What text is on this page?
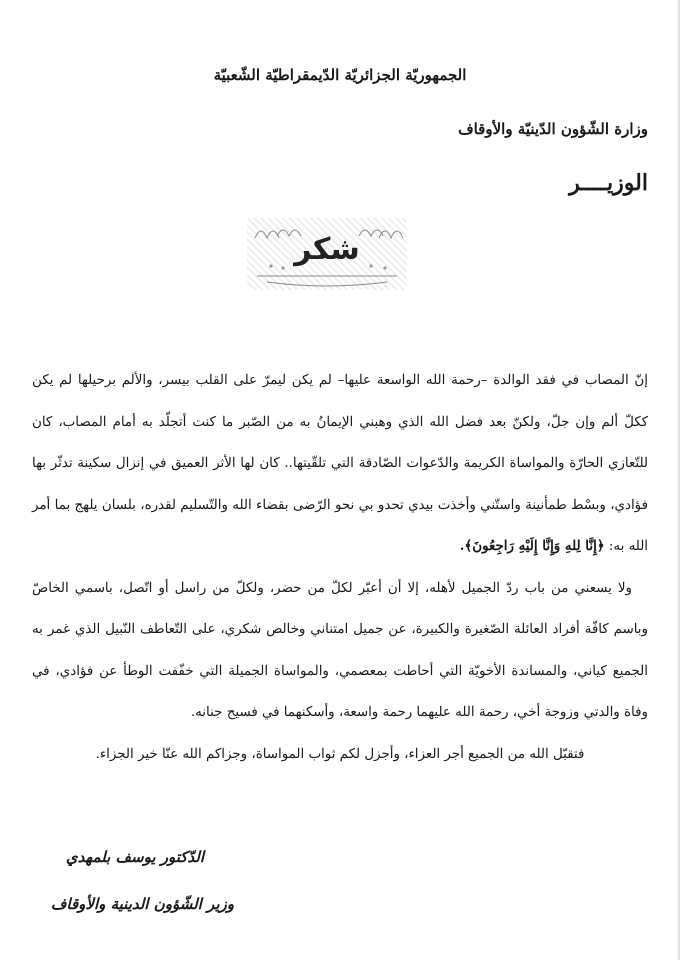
الجمهوريّة الجزائريّة الدّيمقراطيّة الشّعبيّة
وزارة الشّؤون الدّينيّة والأوقاف
الوزيــــر
شكر

إنّ المصاب في فقد الوالدة –رحمة الله الواسعة عليها– لم يكن ليمرّ على القلب بيسر، والألم برحيلها لم يكن ككلّ ألم وإن جلّ، ولكنّ بعد فضل الله الذي وهبني الإيمانُ به من الصّبر ما كنت أتجلّد به أمام المصاب، كان للتّعازي الحارّة والمواساة الكريمة والدّعوات الصّادقة التي تلقّيتها.. كان لها الأثر العميق في إنزال سكينة تدثّر بها فؤادي، وبسْط طمأنينة واستّني وأخذت بيدي تحدو بي نحو الرّضى بقضاء الله والتّسليم لقدره، بلسان يلهج بما أمر الله به: ﴿إِنَّا لِلهِ وَإِنَّا إِلَيْهِ رَاجِعُونَ﴾.

ولا يسعني من باب ردّ الجميل لأهله، إلا أن أعبّر لكلّ من حضر، ولكلّ من راسل أو اتّصل، باسمي الخاصّ وباسم كافّة أفراد العائلة الصّغيرة والكبيرة، عن جميل امتناني وخالص شكري، على التّعاطف النّبيل الذي غمر به الجميع كياني، والمساندة الأخويّة التي أحاطت بمعصمي، والمواساة الجميلة التي خفّفت الوطأ عن فؤادي، في وفاة والدتي وزوجة أخي، رحمة الله عليهما رحمة واسعة، وأسكنهما في فسيح جنانه.

فتقبّل الله من الجميع أجر العزاء، وأجزل لكم ثواب المواساة، وجزاكم الله عنّا خير الجزاء.

الدّكتور يوسف بلمهدي
وزير الشّؤون الدينية والأوقاف
